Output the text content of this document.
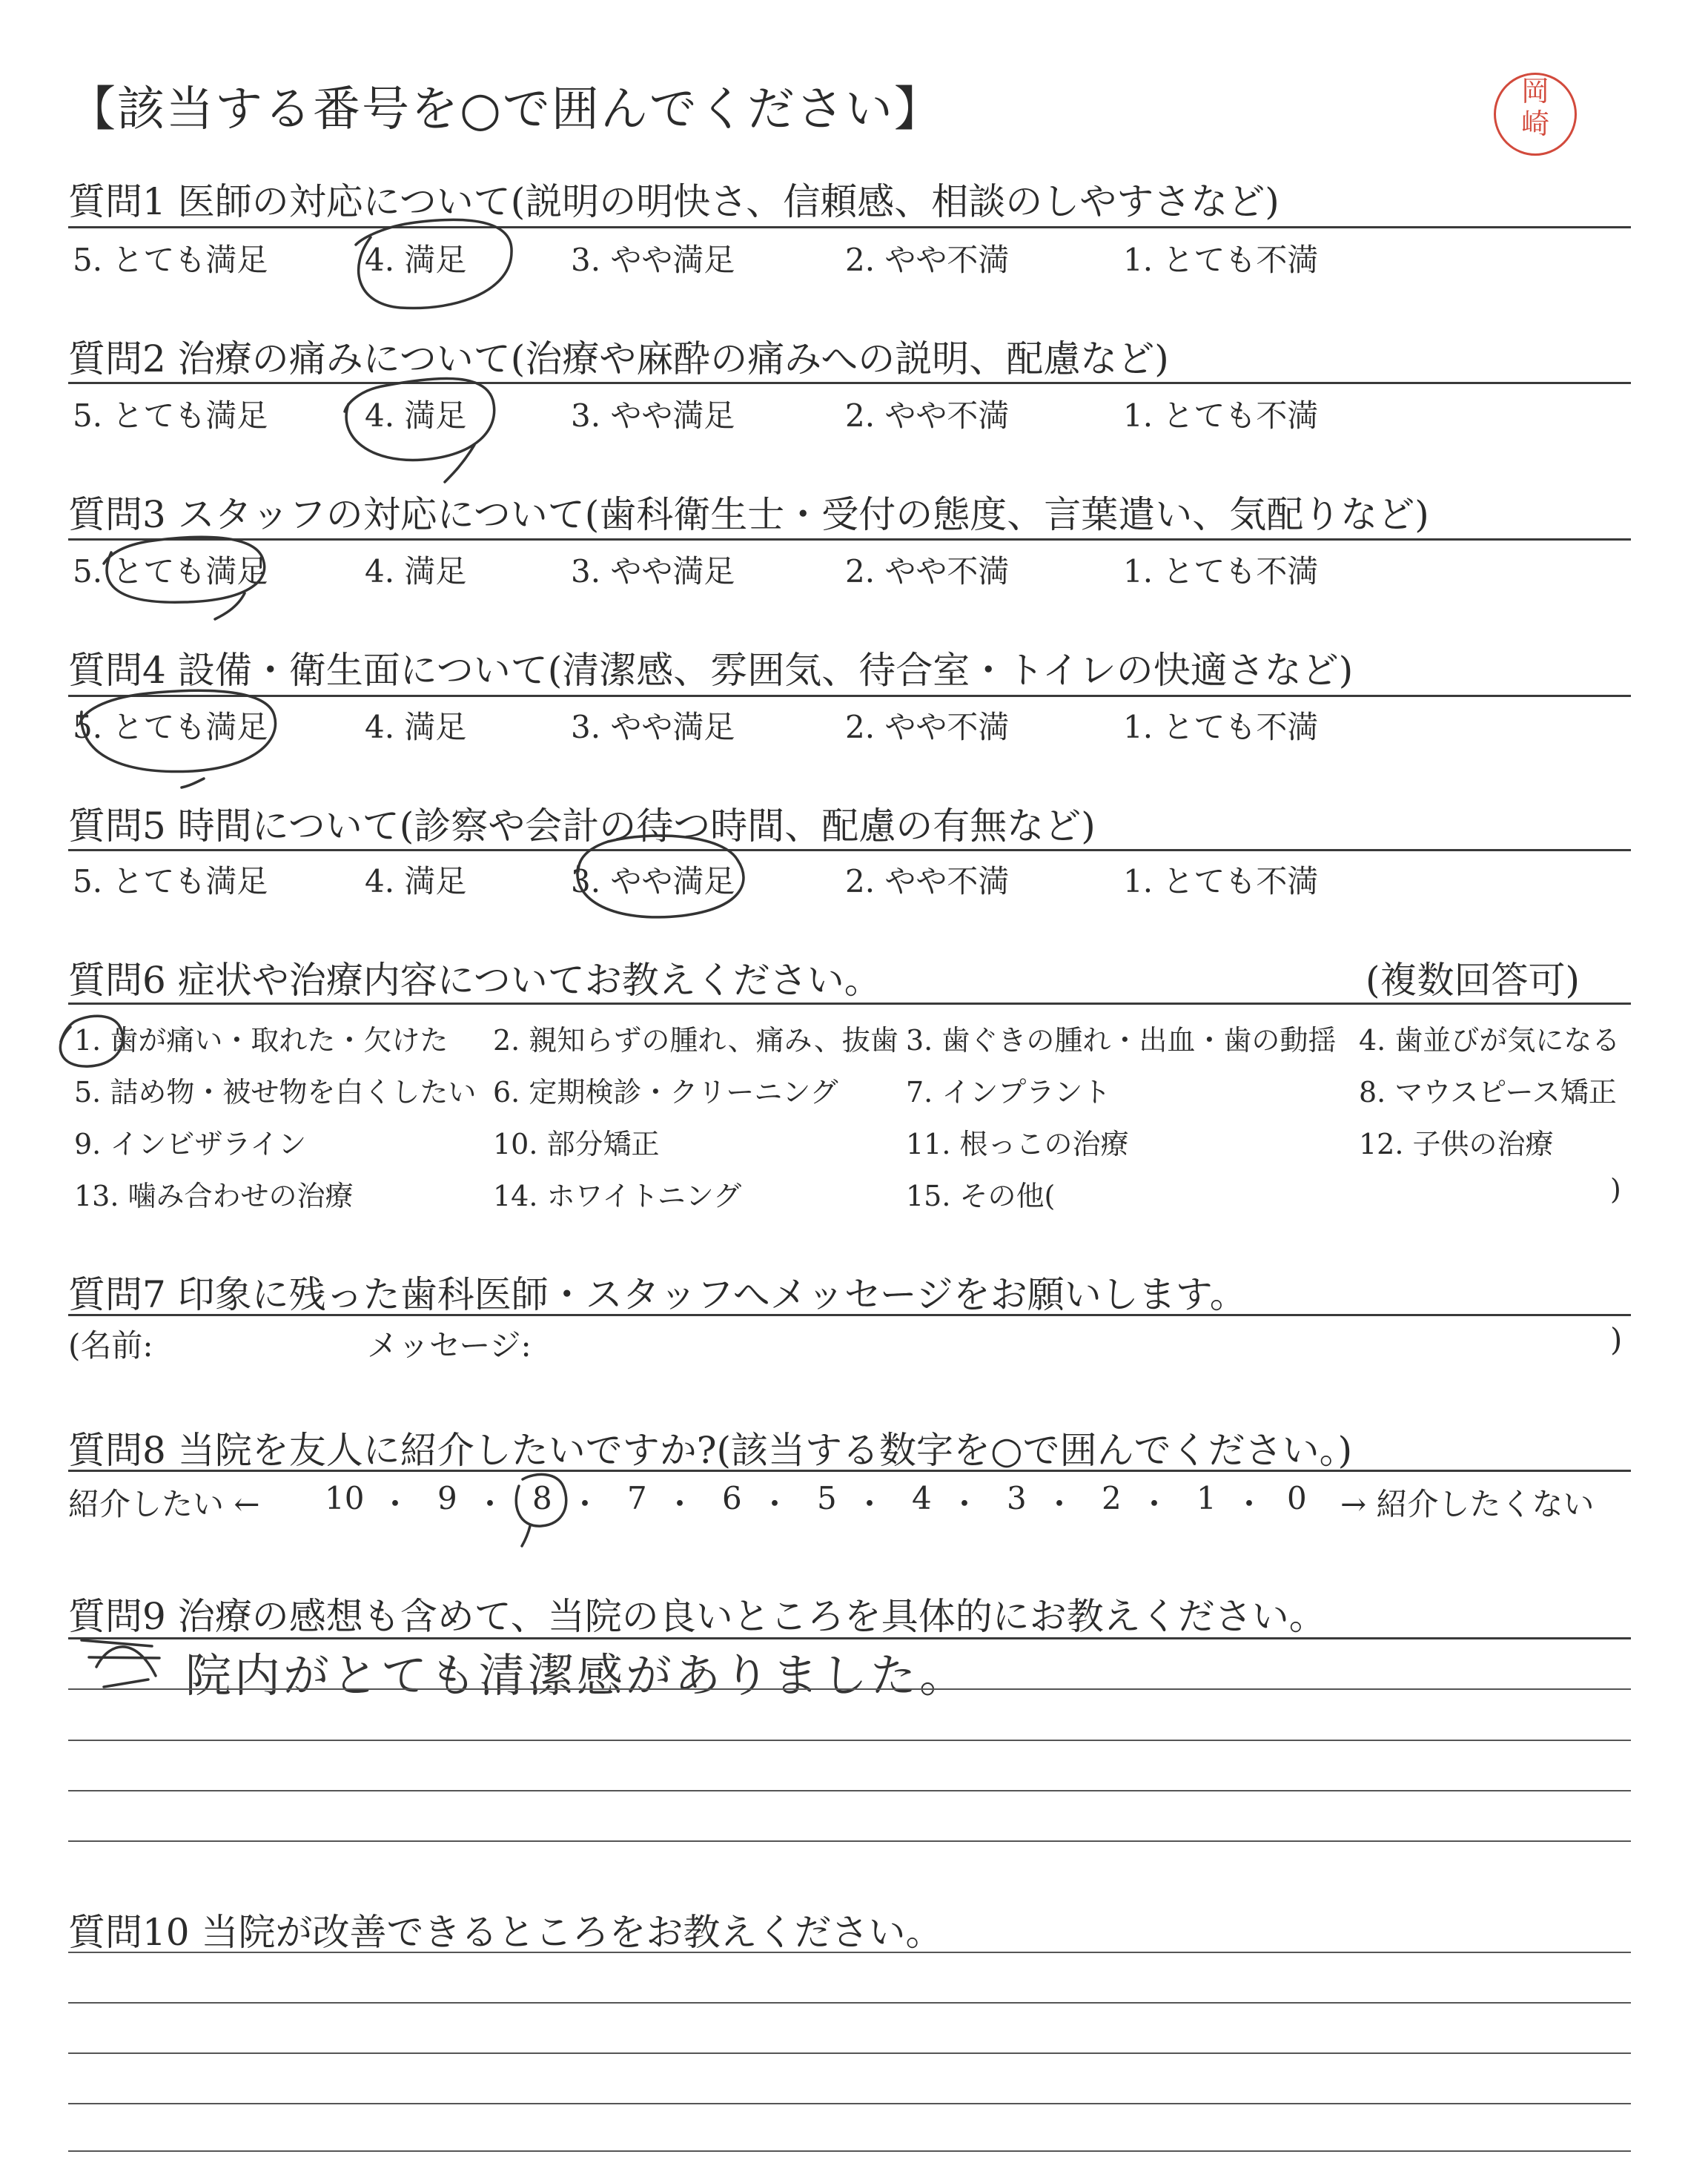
【該当する番号を○で囲んでください】	岡
崎
質問1 医師の対応について(説明の明快さ、信頼感、相談のしやすさなど)
5. とても満足	4. 満足	3. やや満足	2. やや不満	1. とても不満
質問2 治療の痛みについて(治療や麻酔の痛みへの説明、配慮など)
5. とても満足	4. 満足	3. やや満足	2. やや不満	1. とても不満
質問3 スタッフの対応について(歯科衛生士・受付の態度、言葉遣い、気配りなど)
5. とても満足	4. 満足	3. やや満足	2. やや不満	1. とても不満
質問4 設備・衛生面について(清潔感、雰囲気、待合室・トイレの快適さなど)
5. とても満足	4. 満足	3. やや満足	2. やや不満	1. とても不満
質問5 時間について(診察や会計の待つ時間、配慮の有無など)
5. とても満足	4. 満足	3. やや満足	2. やや不満	1. とても不満
質問6 症状や治療内容についてお教えください。	(複数回答可)
1. 歯が痛い・取れた・欠けた 2. 親知らずの腫れ、痛み、抜歯 3. 歯ぐきの腫れ・出血・歯の動揺 4. 歯並びが気になる
5. 詰め物・被せ物を白くしたい 6. 定期検診・クリーニング 7. インプラント	8. マウスピース矯正
9. インビザライン	10. 部分矯正	11. 根っこの治療	12. 子供の治療
13. 噛み合わせの治療	14. ホワイトニング	15. その他(	)
質問7 印象に残った歯科医師・スタッフへメッセージをお願いします。
(名前:	メッセージ:	)
質問8 当院を友人に紹介したいですか?(該当する数字を○で囲んでください。)
紹介したい ←	→ 紹介したくない
10 ・ 9 ・ 8 ・ 7 ・ 6 ・ 5 ・ 4 ・ 3 ・ 2 ・ 1 ・ 0
質問9 治療の感想も含めて、当院の良いところを具体的にお教えください。
院内がとても清潔感がありました。
質問10 当院が改善できるところをお教えください。
